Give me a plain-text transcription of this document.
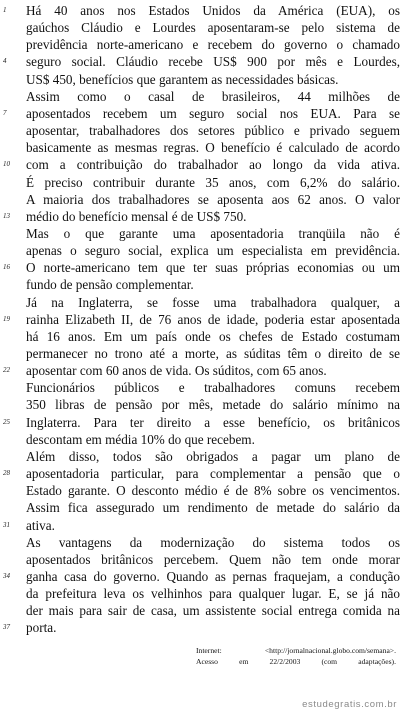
1
4
7
10
13
16
19
22
25
28
31
34
37
Há 40 anos nos Estados Unidos da América (EUA), os
gaúchos Cláudio e Lourdes aposentaram-se pelo sistema de
previdência norte-americano e recebem do governo o chamado
seguro social. Cláudio recebe US$ 900 por mês e Lourdes,
US$ 450, benefícios que garantem as necessidades básicas.
Assim como o casal de brasileiros, 44 milhões de
aposentados recebem um seguro social nos EUA. Para se
aposentar, trabalhadores dos setores público e privado seguem
basicamente as mesmas regras. O benefício é calculado de acordo
com a contribuição do trabalhador ao longo da vida ativa.
É preciso contribuir durante 35 anos, com 6,2% do salário.
A maioria dos trabalhadores se aposenta aos 62 anos. O valor
médio do benefício mensal é de US$ 750.
Mas o que garante uma aposentadoria tranqüila não é
apenas o seguro social, explica um especialista em previdência.
O norte-americano tem que ter suas próprias economias ou um
fundo de pensão complementar.
Já na Inglaterra, se fosse uma trabalhadora qualquer, a
rainha Elizabeth II, de 76 anos de idade, poderia estar aposentada
há 16 anos. Em um país onde os chefes de Estado costumam
permanecer no trono até a morte, as súditas têm o direito de se
aposentar com 60 anos de vida. Os súditos, com 65 anos.
Funcionários públicos e trabalhadores comuns recebem
350 libras de pensão por mês, metade do salário mínimo na
Inglaterra. Para ter direito a esse benefício, os britânicos
descontam em média 10% do que recebem.
Além disso, todos são obrigados a pagar um plano de
aposentadoria particular, para complementar a pensão que o
Estado garante. O desconto médio é de 8% sobre os vencimentos.
Assim fica assegurado um rendimento de metade do salário da
ativa.
As vantagens da modernização do sistema todos os
aposentados britânicos percebem. Quem não tem onde morar
ganha casa do governo. Quando as pernas fraquejam, a condução
da prefeitura leva os velhinhos para qualquer lugar. E, se já não
der mais para sair de casa, um assistente social entrega comida na
porta.
Internet: <http://jornalnacional.globo.com/semana>.
Acesso em 22/2/2003 (com adaptações).
estudegratis.com.br
